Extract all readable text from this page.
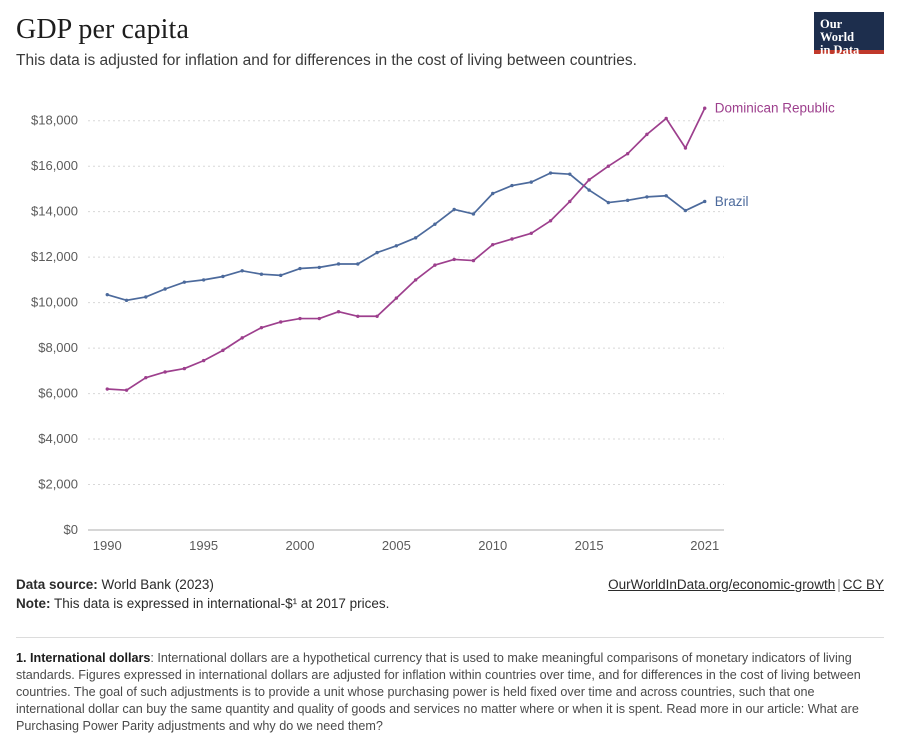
GDP per capita

This data is adjusted for inflation and for differences in the cost of living between countries.

Our World
in Data
$0
$2,000
$4,000
$6,000
$8,000
$10,000
$12,000
$14,000
$16,000
$18,000
1990	1995	2000	2005	2010	2015	2021
Brazil
Dominican Republic
Data source: World Bank (2023)	OurWorldInData.org/economic-growth | CC BY
Note: This data is expressed in international-$¹ at 2017 prices.
1. International dollars: International dollars are a hypothetical currency that is used to make meaningful comparisons of monetary indicators of living standards. Figures expressed in international dollars are adjusted for inflation within countries over time, and for differences in the cost of living between countries. The goal of such adjustments is to provide a unit whose purchasing power is held fixed over time and across countries, such that one international dollar can buy the same quantity and quality of goods and services no matter where or when it is spent. Read more in our article: What are Purchasing Power Parity adjustments and why do we need them?
